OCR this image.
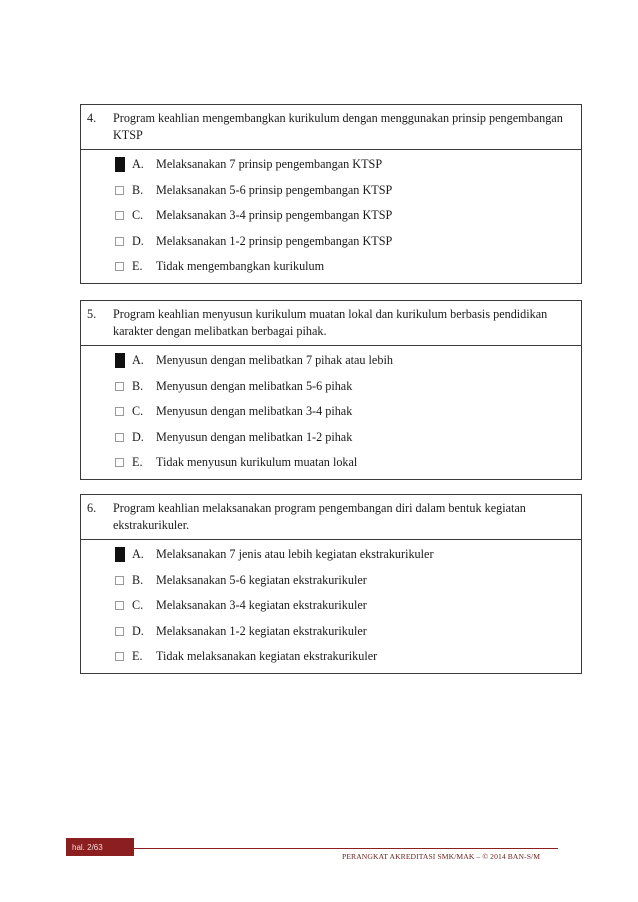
4.	Program keahlian mengembangkan kurikulum dengan menggunakan prinsip pengembangan KTSP
A. Melaksanakan 7 prinsip pengembangan KTSP
B.	Melaksanakan 5-6 prinsip pengembangan KTSP
C.	Melaksanakan 3-4 prinsip pengembangan KTSP
D. Melaksanakan 1-2 prinsip pengembangan KTSP
E.	Tidak mengembangkan kurikulum
5.	Program keahlian menyusun kurikulum muatan lokal dan kurikulum berbasis pendidikan karakter dengan melibatkan berbagai pihak.
A. Menyusun dengan melibatkan 7 pihak atau lebih
B.	Menyusun dengan melibatkan 5-6 pihak
C.	Menyusun dengan melibatkan 3-4 pihak
D. Menyusun dengan melibatkan 1-2 pihak
E.	Tidak menyusun kurikulum muatan lokal
6.	Program keahlian melaksanakan program pengembangan diri dalam bentuk kegiatan ekstrakurikuler.
A. Melaksanakan 7 jenis atau lebih kegiatan ekstrakurikuler
B.	Melaksanakan 5-6 kegiatan ekstrakurikuler
C.	Melaksanakan 3-4 kegiatan ekstrakurikuler
D. Melaksanakan 1-2 kegiatan ekstrakurikuler
E.	Tidak melaksanakan kegiatan ekstrakurikuler
hal. 2/63
PERANGKAT AKREDITASI SMK/MAK – © 2014 BAN-S/M
